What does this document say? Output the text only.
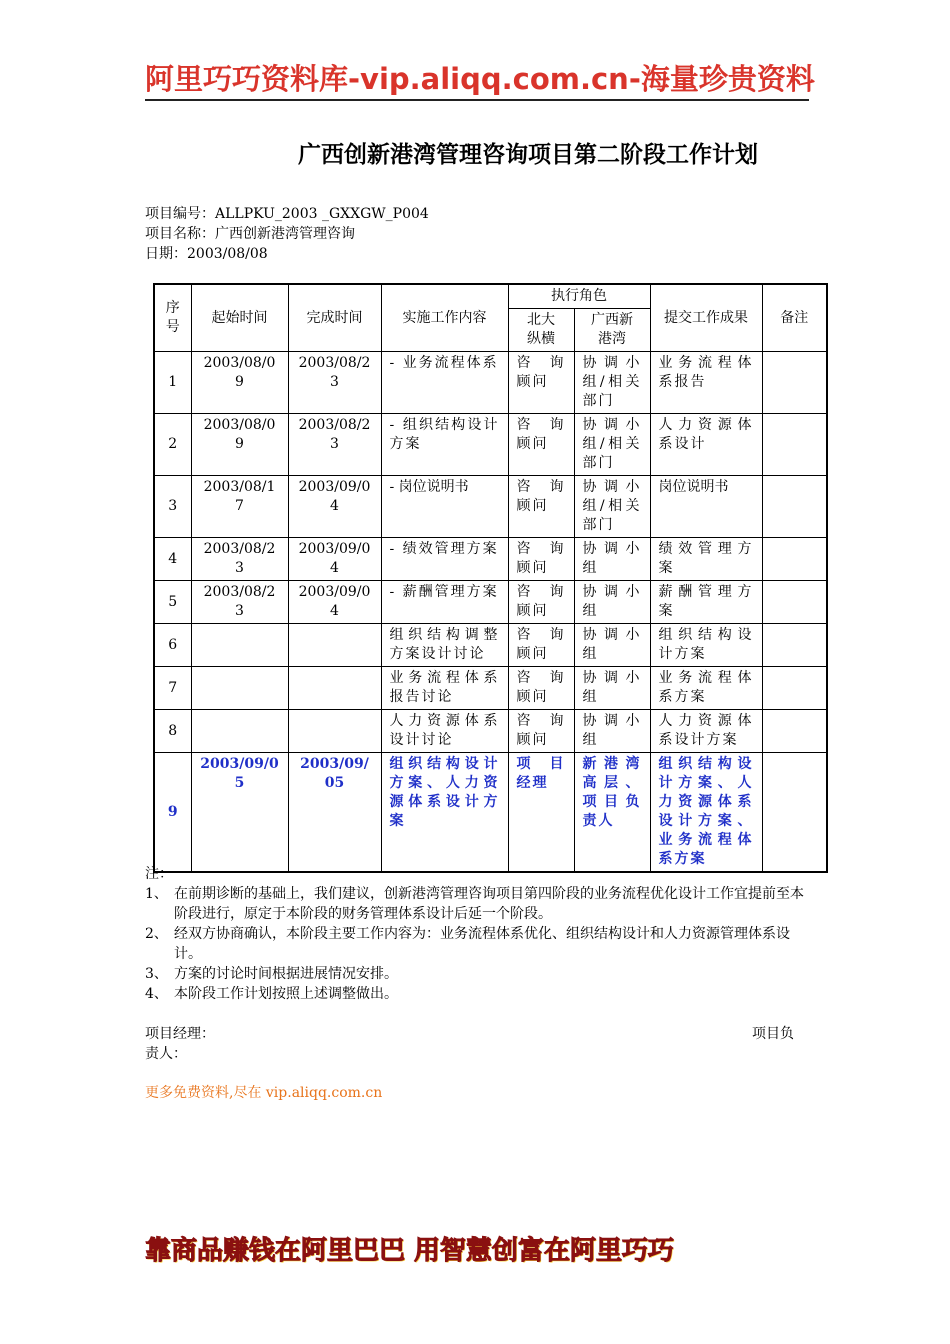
阿里巧巧资料库-vip.aliqq.com.cn-海量珍贵资料
广西创新港湾管理咨询项目第二阶段工作计划
项目编号：ALLPKU_2003 _GXXGW_P004
项目名称：广西创新港湾管理咨询
日期：2003/08/08
序号	起始时间	完成时间	实施工作内容	执行角色		提交工作成果	备注
				北大纵横	广西新港湾		
1	2003/08/09	2003/08/23	- 业务流程体系	咨　询顾问	协调小组/相关部门	业务流程体系报告	
2	2003/08/09	2003/08/23	- 组织结构设计方案	咨　询顾问	协调小组/相关部门	人力资源体系设计	
3	2003/08/17	2003/09/04	- 岗位说明书	咨　询顾问	协调小组/相关部门	岗位说明书	
4	2003/08/23	2003/09/04	- 绩效管理方案	咨　询顾问	协调小组	绩效管理方案	
5	2003/08/23	2003/09/04	- 薪酬管理方案	咨　询顾问	协调小组	薪酬管理方案	
6			组织结构调整方案设计讨论	咨　询顾问	协调小组	组织结构设计方案	
7			业务流程体系报告讨论	咨　询顾问	协调小组	业务流程体系方案	
8			人力资源体系设计讨论	咨　询顾问	协调小组	人力资源体系设计方案	
9	2003/09/05	2003/09/05	组织结构设计方案、人力资源体系设计方案	项　目经理	新港湾高层、项目负责人	组织结构设计方案、人力资源体系设计方案、业务流程体系方案	
注：
1、 在前期诊断的基础上，我们建议，创新港湾管理咨询项目第四阶段的业务流程优化设计工作宜提前至本阶段进行，原定于本阶段的财务管理体系设计后延一个阶段。
2、 经双方协商确认，本阶段主要工作内容为：业务流程体系优化、组织结构设计和人力资源管理体系设计。
3、 方案的讨论时间根据进展情况安排。
4、 本阶段工作计划按照上述调整做出。
项目经理：	项目负
责人：
更多免费资料,尽在 vip.aliqq.com.cn
靠商品赚钱在阿里巴巴 用智慧创富在阿里巧巧
